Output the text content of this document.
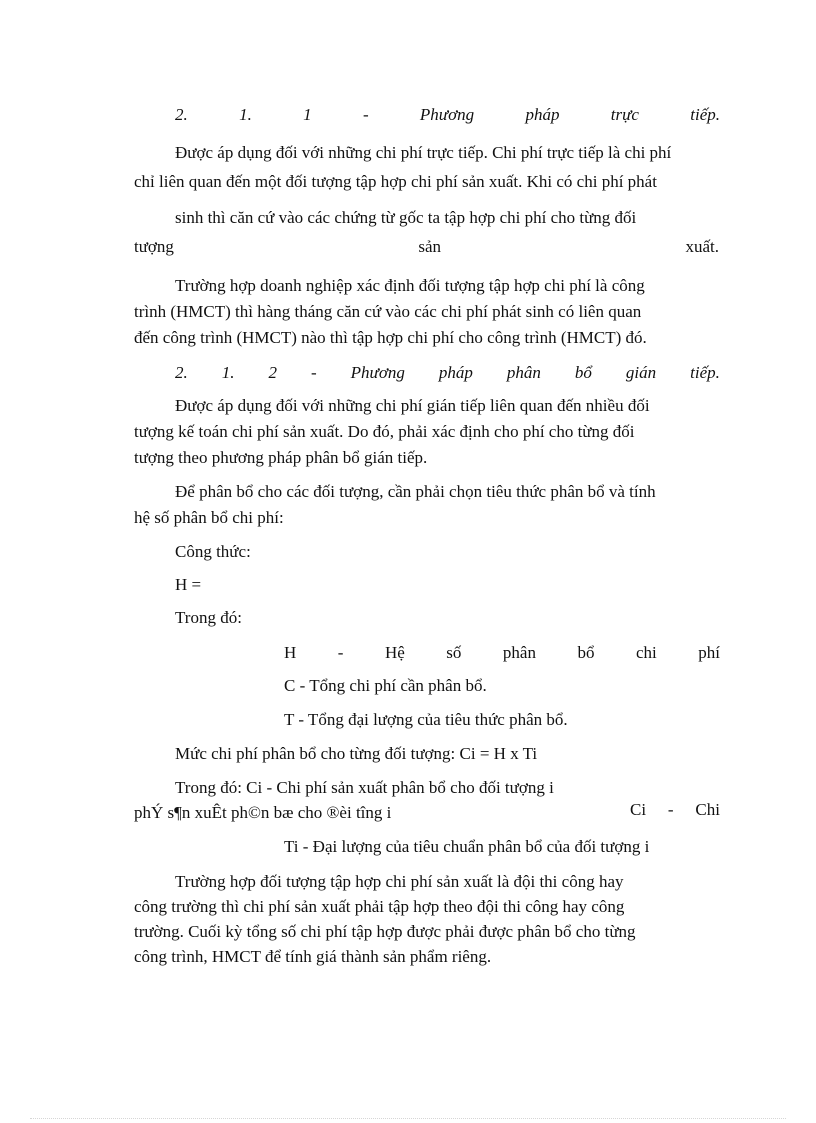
2.	1.	1	-	Phương	pháp	trực	tiếp.
Được áp dụng đối với những chi phí trực tiếp. Chi phí trực tiếp là chi phí
chỉ liên quan đến một đối tượng tập hợp chi phí sản xuất. Khi có chi phí phát
sinh thì căn cứ vào các chứng từ gốc ta tập hợp chi phí cho từng đối
tượng	sản	xuất.
Trường hợp doanh nghiệp xác định đối tượng tập hợp chi phí là công
trình (HMCT) thì hàng tháng căn cứ vào các chi phí phát sinh có liên quan
đến công trình (HMCT) nào thì tập hợp chi phí cho công trình (HMCT) đó.
2. 1. 2 - Phương pháp phân bổ gián tiếp.
Được áp dụng đối với những chi phí gián tiếp liên quan đến nhiều đối
tượng kế toán chi phí sản xuất. Do đó, phải xác định cho phí cho từng đối
tượng theo phương pháp phân bổ gián tiếp.
Để phân bổ cho các đối tượng, cần phải chọn tiêu thức phân bổ và tính
hệ số phân bổ chi phí:
Công thức:
H =
Trong đó:
H - Hệ số phân bổ chi phí
C - Tổng chi phí cần phân bổ.
T - Tổng đại lượng của tiêu thức phân bổ.
Mức chi phí phân bổ cho từng đối tượng: Ci = H x Ti
Trong đó: Ci - Chi phí sản xuất phân bổ cho đối tượng i
Ci - Chi
phÝ s¶n xuÊt ph©n bæ cho ®èi tîng i
Ti - Đại lượng của tiêu chuẩn phân bổ của đối tượng i
Trường hợp đối tượng tập hợp chi phí sản xuất là đội thi công hay
công trường thì chi phí sản xuất phải tập hợp theo đội thi công hay công
trường. Cuối kỳ tổng số chi phí tập hợp được phải được phân bổ cho từng
công trình, HMCT để tính giá thành sản phẩm riêng.
